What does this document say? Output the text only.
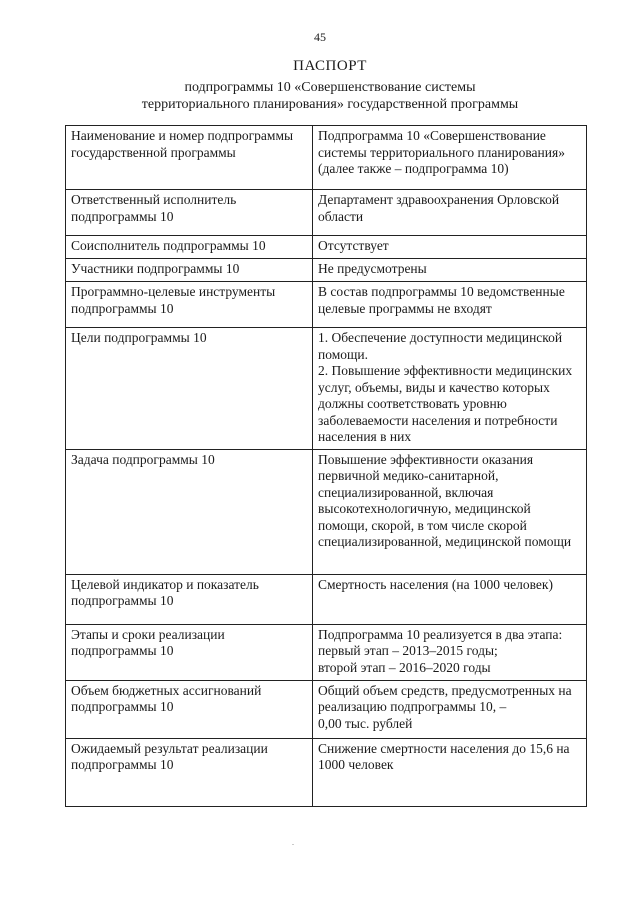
45

ПАСПОРТ

подпрограммы 10 «Совершенствование системы
территориального планирования» государственной программы

Наименование и номер подпрограммы государственной программы	Подпрограмма 10 «Совершенствование системы территориального планирования» (далее также – подпрограмма 10)
Ответственный исполнитель подпрограммы 10	Департамент здравоохранения Орловской области
Соисполнитель подпрограммы 10	Отсутствует
Участники подпрограммы 10	Не предусмотрены
Программно-целевые инструменты подпрограммы 10	В состав подпрограммы 10 ведомственные целевые программы не входят
Цели подпрограммы 10	1. Обеспечение доступности медицинской помощи.
2. Повышение эффективности медицинских услуг, объемы, виды и качество которых должны соответствовать уровню заболеваемости населения и потребности населения в них

Задача подпрограммы 10	Повышение эффективности оказания первичной медико-санитарной, специализированной, включая высокотехнологичную, медицинской помощи, скорой, в том числе скорой специализированной, медицинской помощи
Целевой индикатор и показатель подпрограммы 10	Смертность населения (на 1000 человек)
Этапы и сроки реализации подпрограммы 10	Подпрограмма 10 реализуется в два этапа:
первый этап – 2013–2015 годы;
второй этап – 2016–2020 годы

Объем бюджетных ассигнований подпрограммы 10	Общий объем средств, предусмотренных на реализацию подпрограммы 10, –
0,00 тыс. рублей

Ожидаемый результат реализации подпрограммы 10	Снижение смертности населения до 15,6 на 1000 человек
.
